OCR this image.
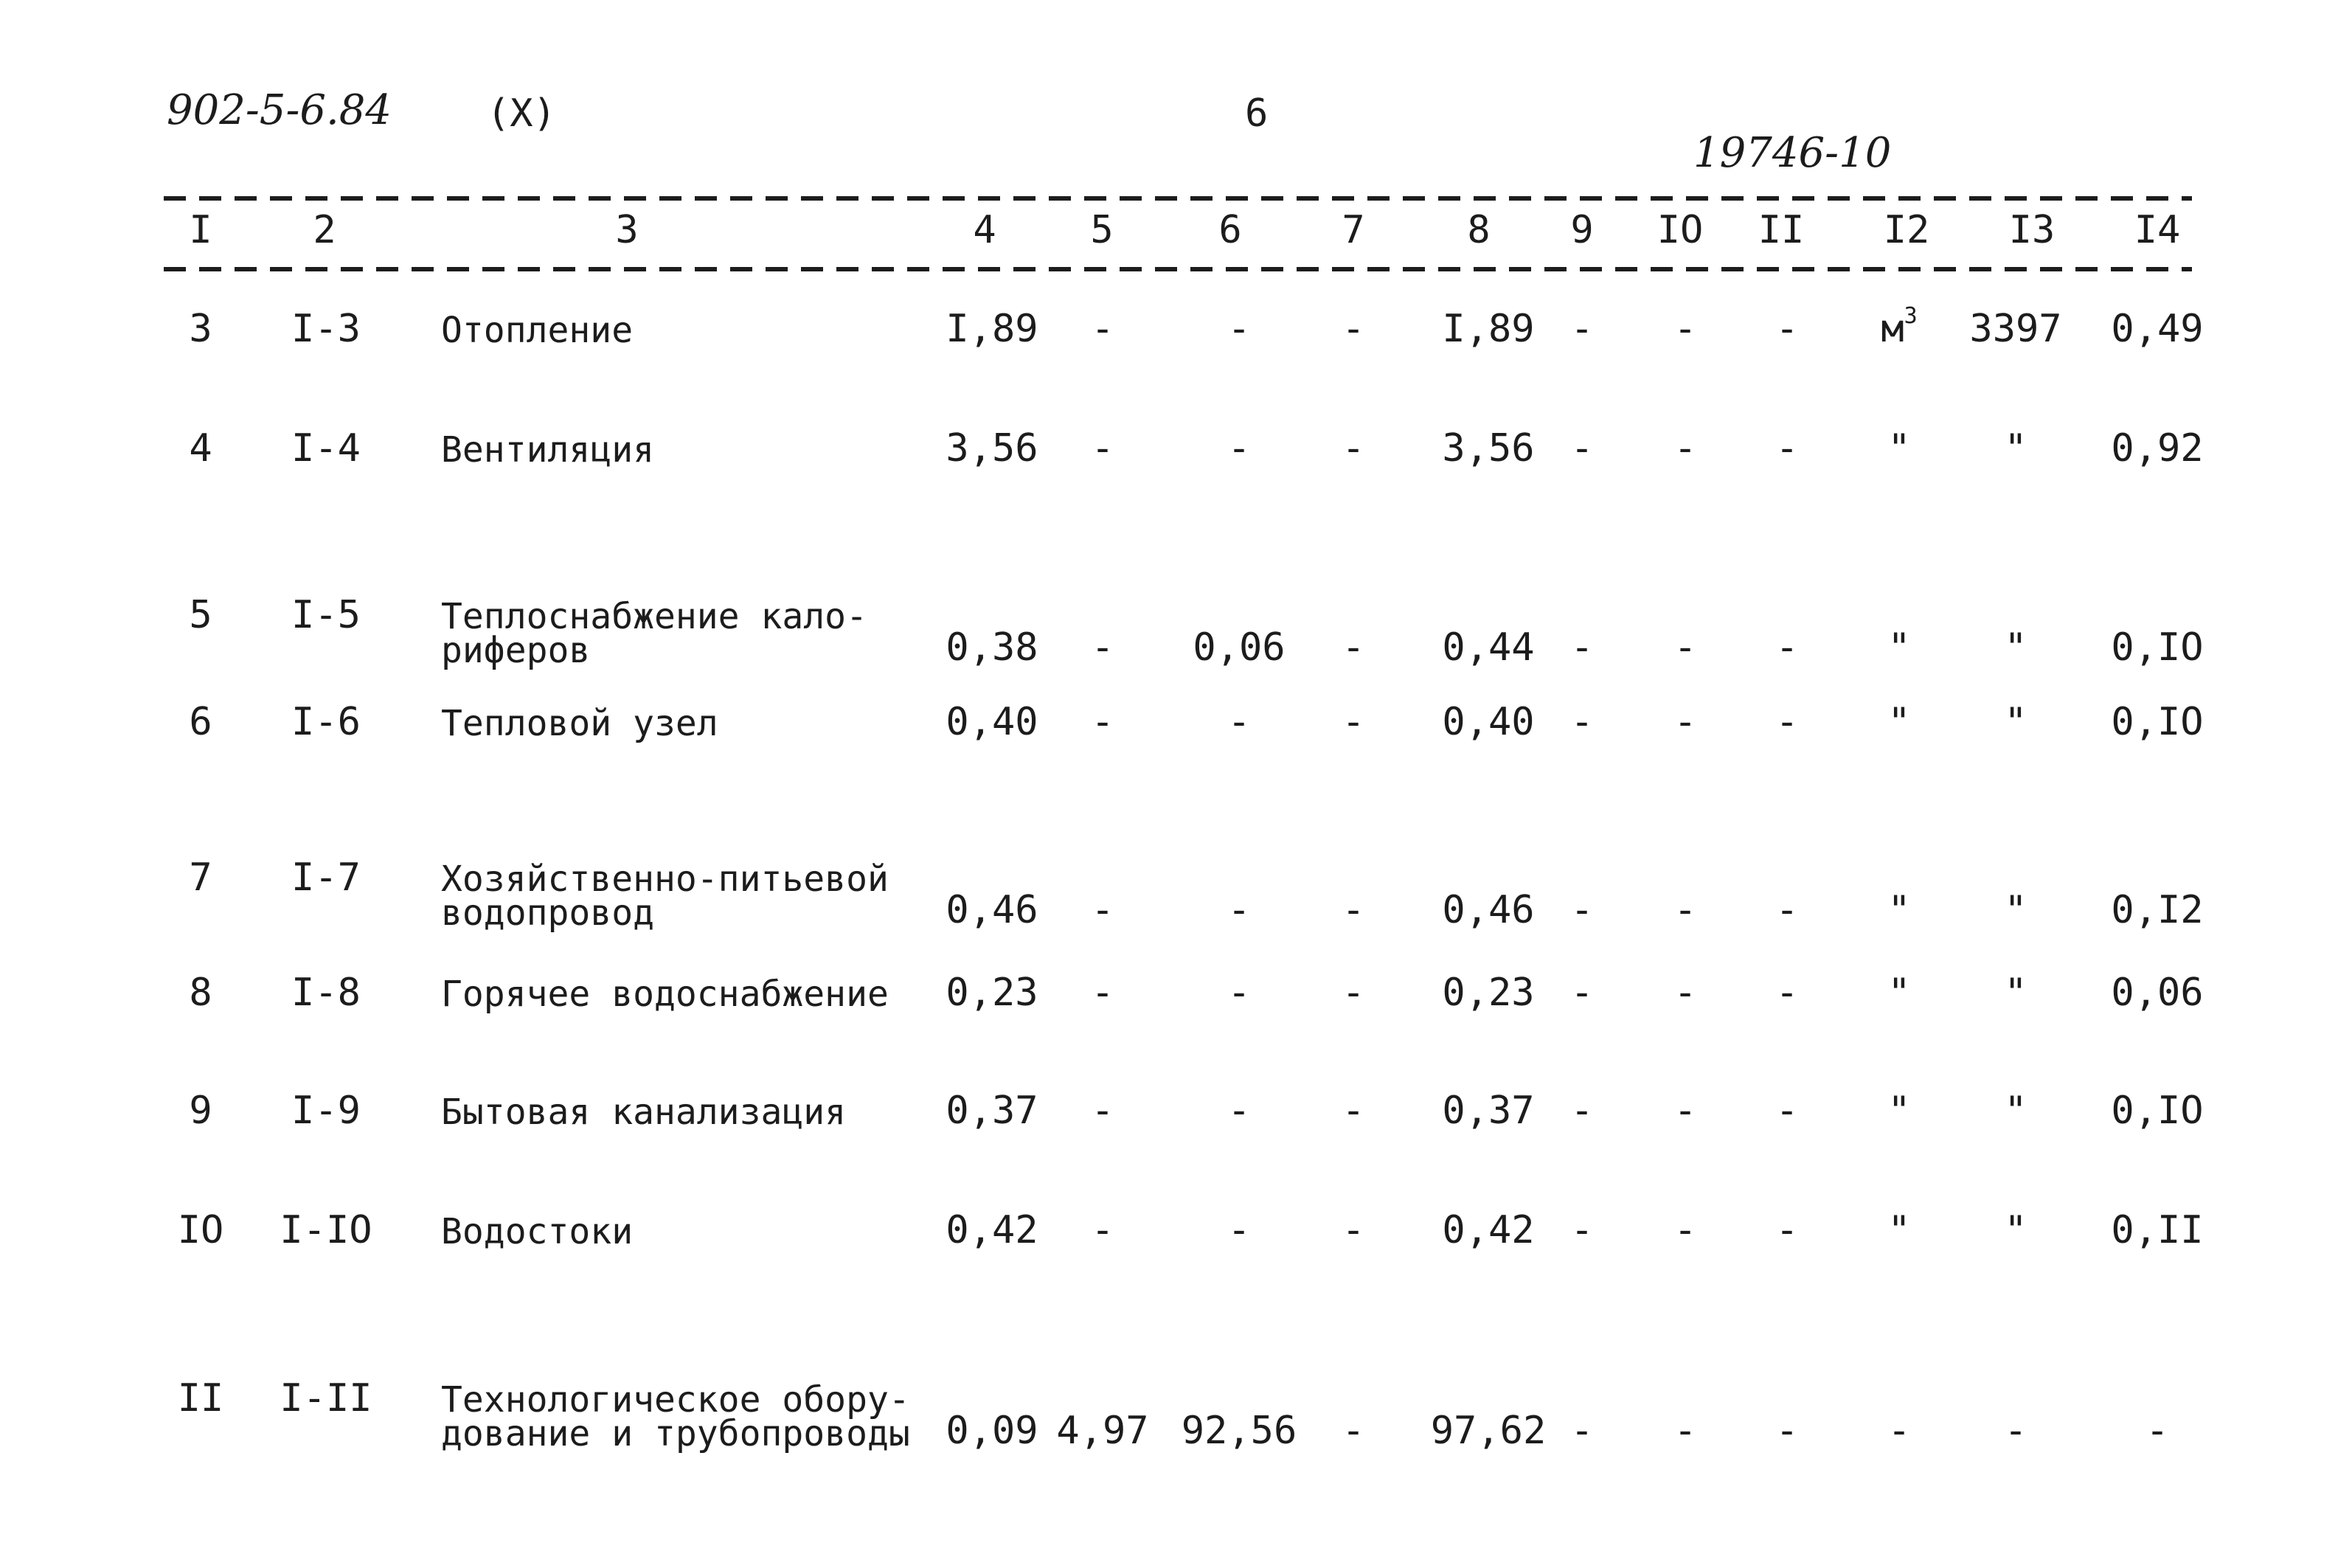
902-5-6.84 (X)	6
19746-10
I	2	3	4 5	6	7	8 9 IO II I2 I3 I4
3 I-3 Отопление	I,89 -	- - I,89 - - - $м^3$ 3397 0,49
4 I-4 Вентиляция	3,56 -	- - 3,56 - - - " " 0,92
5 I-5 Теплоснабжение кало-
риферов	0,38 - 0,06 - 0,44 - - - " " 0,IO
6 I-6 Тепловой узел	0,40 -	- - 0,40 - - - " " 0,IO
7 I-7 Хозяйственно-питьевой
водопровод	0,46 -	- - 0,46 - - - " " 0,I2
8 I-8 Горячее водоснабжение 0,23 -	- - 0,23 - - - " " 0,06
9 I-9 Бытовая канализация	0,37 -	- - 0,37 - - - " " 0,IO
IO I-IO Водостоки	0,42 -	- - 0,42 - - - " " 0,II
II I-II Технологическое обору-
дование и трубопроводы 0,09 4,97 92,56 - 97,62 - - - - -	-
